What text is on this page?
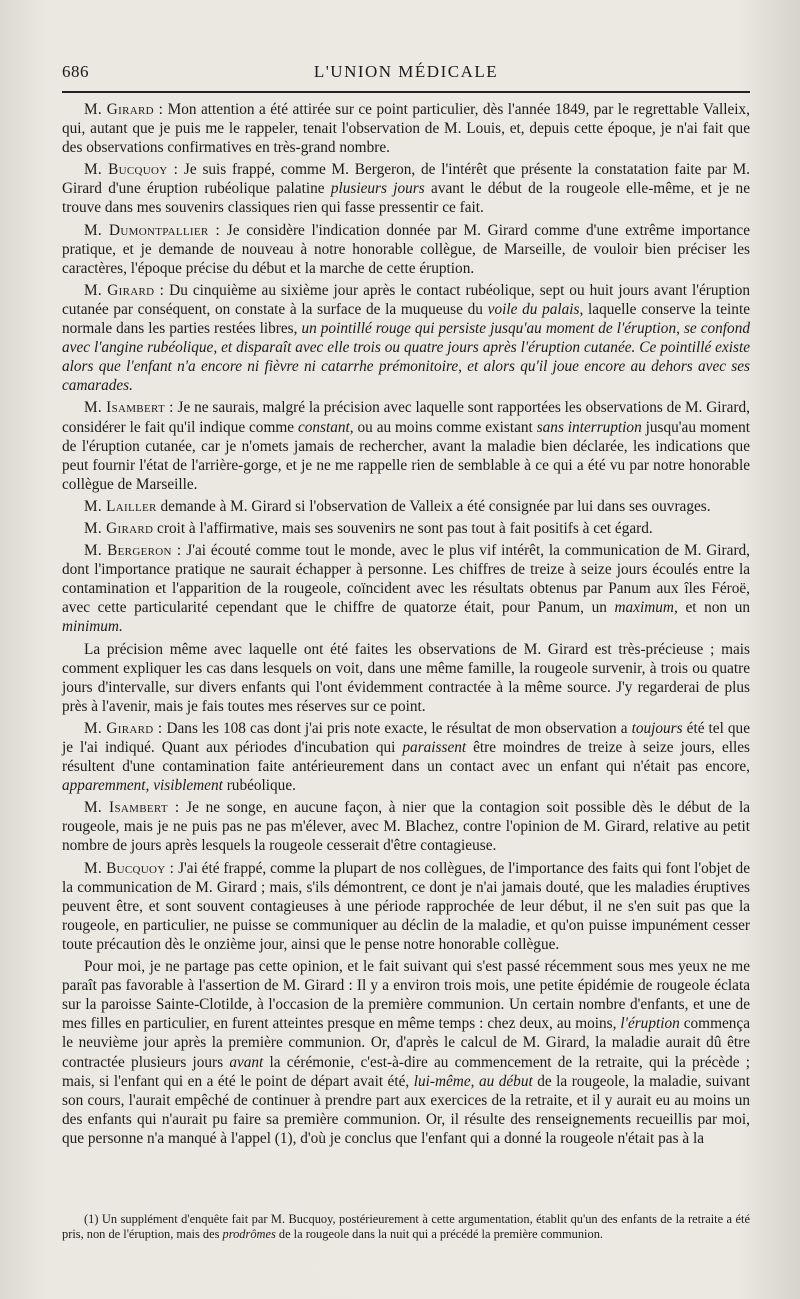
686	L'UNION MÉDICALE

M. Girard : Mon attention a été attirée sur ce point particulier, dès l'année 1849, par le regrettable Valleix, qui, autant que je puis me le rappeler, tenait l'observation de M. Louis, et, depuis cette époque, je n'ai fait que des observations confirmatives en très-grand nombre.

M. Bucquoy : Je suis frappé, comme M. Bergeron, de l'intérêt que présente la constatation faite par M. Girard d'une éruption rubéolique palatine plusieurs jours avant le début de la rougeole elle-même, et je ne trouve dans mes souvenirs classiques rien qui fasse pressentir ce fait.

M. Dumontpallier : Je considère l'indication donnée par M. Girard comme d'une extrême importance pratique, et je demande de nouveau à notre honorable collègue, de Marseille, de vouloir bien préciser les caractères, l'époque précise du début et la marche de cette éruption.

M. Girard : Du cinquième au sixième jour après le contact rubéolique, sept ou huit jours avant l'éruption cutanée par conséquent, on constate à la surface de la muqueuse du voile du palais, laquelle conserve la teinte normale dans les parties restées libres, un pointillé rouge qui persiste jusqu'au moment de l'éruption, se confond avec l'angine rubéolique, et disparaît avec elle trois ou quatre jours après l'éruption cutanée. Ce pointillé existe alors que l'enfant n'a encore ni fièvre ni catarrhe prémonitoire, et alors qu'il joue encore au dehors avec ses camarades.

M. Isambert : Je ne saurais, malgré la précision avec laquelle sont rapportées les observations de M. Girard, considérer le fait qu'il indique comme constant, ou au moins comme existant sans interruption jusqu'au moment de l'éruption cutanée, car je n'omets jamais de rechercher, avant la maladie bien déclarée, les indications que peut fournir l'état de l'arrière-gorge, et je ne me rappelle rien de semblable à ce qui a été vu par notre honorable collègue de Marseille.

M. Lailler demande à M. Girard si l'observation de Valleix a été consignée par lui dans ses ouvrages.

M. Girard croit à l'affirmative, mais ses souvenirs ne sont pas tout à fait positifs à cet égard.

M. Bergeron : J'ai écouté comme tout le monde, avec le plus vif intérêt, la communication de M. Girard, dont l'importance pratique ne saurait échapper à personne. Les chiffres de treize à seize jours écoulés entre la contamination et l'apparition de la rougeole, coïncident avec les résultats obtenus par Panum aux îles Féroë, avec cette particularité cependant que le chiffre de quatorze était, pour Panum, un maximum, et non un minimum.

La précision même avec laquelle ont été faites les observations de M. Girard est très-précieuse ; mais comment expliquer les cas dans lesquels on voit, dans une même famille, la rougeole survenir, à trois ou quatre jours d'intervalle, sur divers enfants qui l'ont évidemment contractée à la même source. J'y regarderai de plus près à l'avenir, mais je fais toutes mes réserves sur ce point.

M. Girard : Dans les 108 cas dont j'ai pris note exacte, le résultat de mon observation a toujours été tel que je l'ai indiqué. Quant aux périodes d'incubation qui paraissent être moindres de treize à seize jours, elles résultent d'une contamination faite antérieurement dans un contact avec un enfant qui n'était pas encore, apparemment, visiblement rubéolique.

M. Isambert : Je ne songe, en aucune façon, à nier que la contagion soit possible dès le début de la rougeole, mais je ne puis pas ne pas m'élever, avec M. Blachez, contre l'opinion de M. Girard, relative au petit nombre de jours après lesquels la rougeole cesserait d'être contagieuse.

M. Bucquoy : J'ai été frappé, comme la plupart de nos collègues, de l'importance des faits qui font l'objet de la communication de M. Girard ; mais, s'ils démontrent, ce dont je n'ai jamais douté, que les maladies éruptives peuvent être, et sont souvent contagieuses à une période rapprochée de leur début, il ne s'en suit pas que la rougeole, en particulier, ne puisse se communiquer au déclin de la maladie, et qu'on puisse impunément cesser toute précaution dès le onzième jour, ainsi que le pense notre honorable collègue.

Pour moi, je ne partage pas cette opinion, et le fait suivant qui s'est passé récemment sous mes yeux ne me paraît pas favorable à l'assertion de M. Girard : Il y a environ trois mois, une petite épidémie de rougeole éclata sur la paroisse Sainte-Clotilde, à l'occasion de la première communion. Un certain nombre d'enfants, et une de mes filles en particulier, en furent atteintes presque en même temps : chez deux, au moins, l'éruption commença le neuvième jour après la première communion. Or, d'après le calcul de M. Girard, la maladie aurait dû être contractée plusieurs jours avant la cérémonie, c'est-à-dire au commencement de la retraite, qui la précède ; mais, si l'enfant qui en a été le point de départ avait été, lui-même, au début de la rougeole, la maladie, suivant son cours, l'aurait empêché de continuer à prendre part aux exercices de la retraite, et il y aurait eu au moins un des enfants qui n'aurait pu faire sa première communion. Or, il résulte des renseignements recueillis par moi, que personne n'a manqué à l'appel (1), d'où je conclus que l'enfant qui a donné la rougeole n'était pas à la

(1) Un supplément d'enquête fait par M. Bucquoy, postérieurement à cette argumentation, établit qu'un des enfants de la retraite a été pris, non de l'éruption, mais des prodrômes de la rougeole dans la nuit qui a précédé la première communion.
